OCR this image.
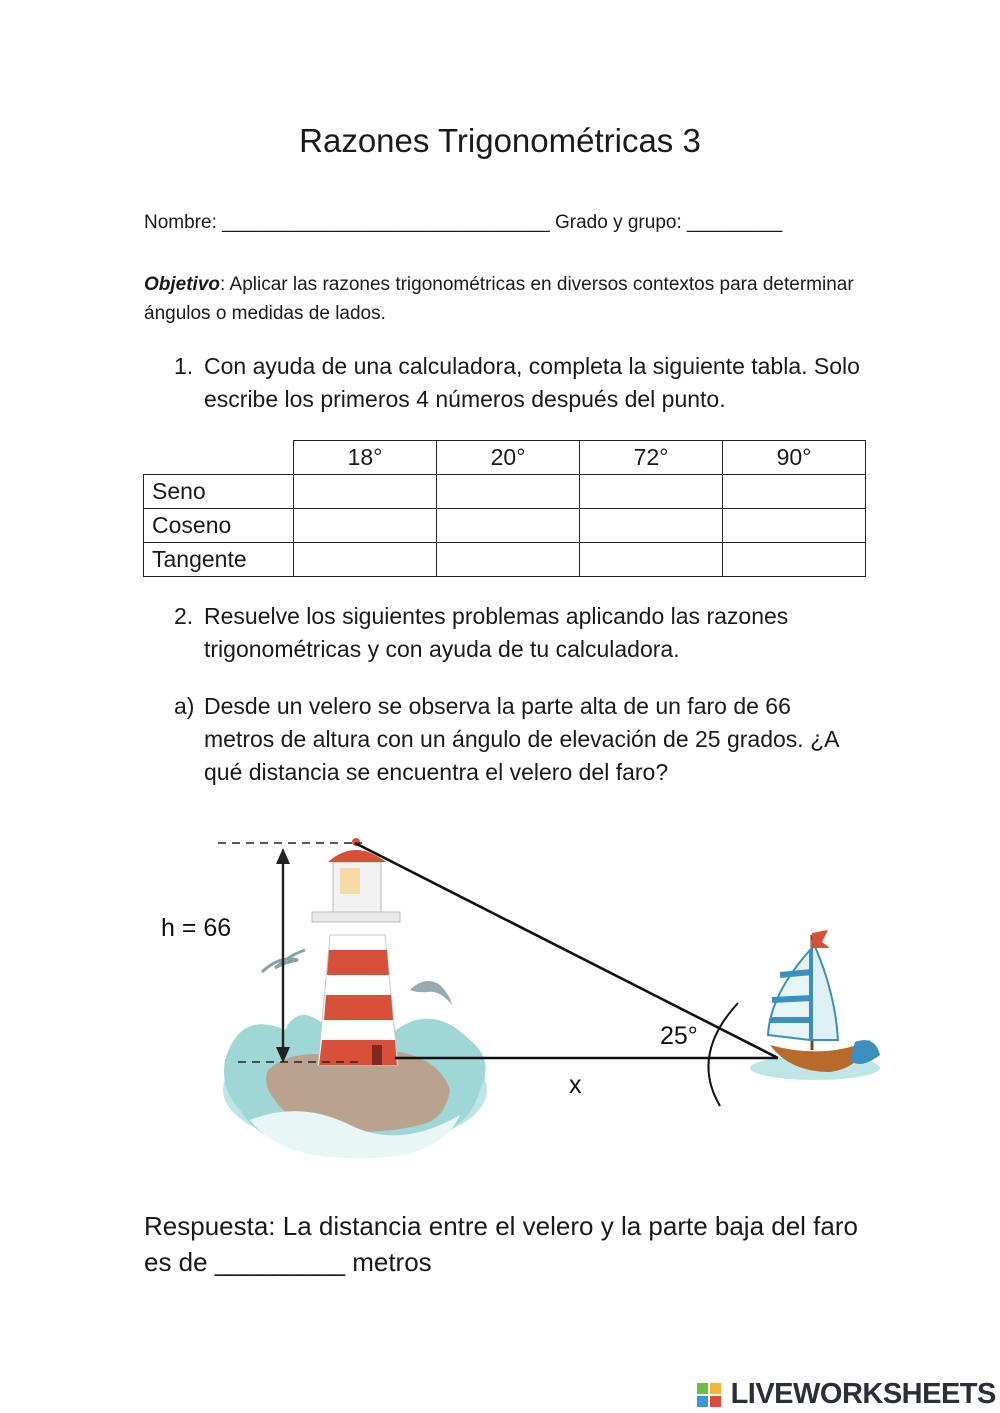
Razones Trigonométricas 3
Nombre: _______________________________ Grado y grupo: _________
Objetivo: Aplicar las razones trigonométricas en diversos contextos para determinar ángulos o medidas de lados.
1. Con ayuda de una calculadora, completa la siguiente tabla. Solo escribe los primeros 4 números después del punto.
	18°	20°	72°	90°
Seno				
Coseno				
Tangente				
2. Resuelve los siguientes problemas aplicando las razones trigonométricas y con ayuda de tu calculadora.
a) Desde un velero se observa la parte alta de un faro de 66 metros de altura con un ángulo de elevación de 25 grados. ¿A qué distancia se encuentra el velero del faro?
h = 66
25°
x
Respuesta: La distancia entre el velero y la parte baja del faro es de _________ metros

LIVEWORKSHEETS
